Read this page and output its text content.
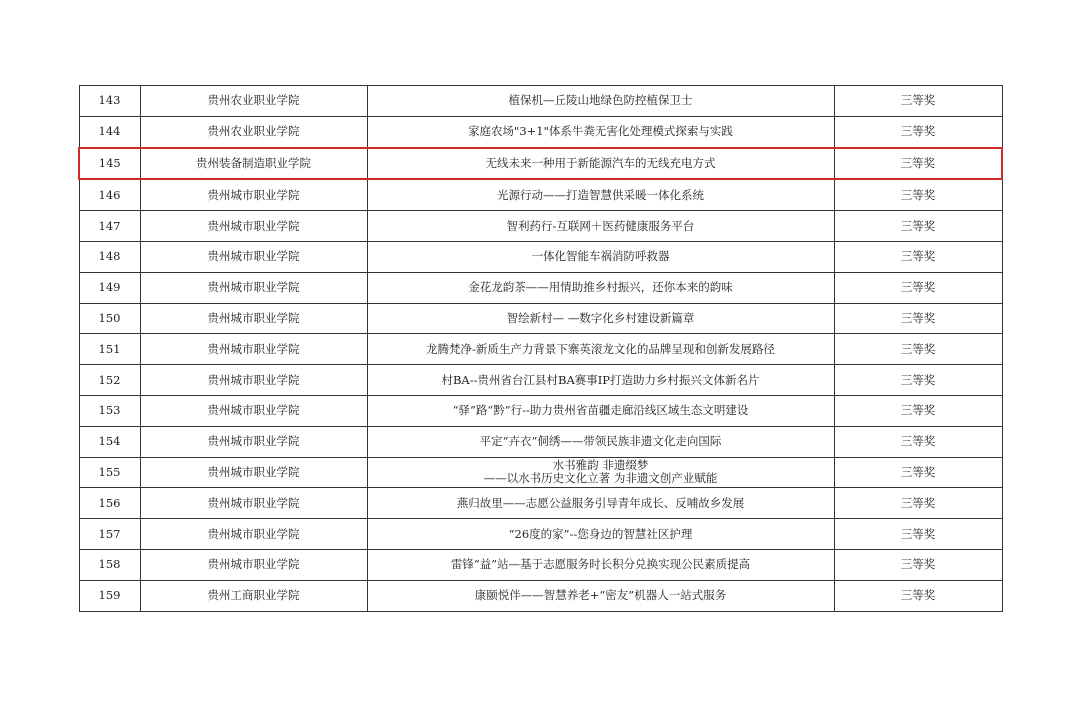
143	贵州农业职业学院	植保机—丘陵山地绿色防控植保卫士	三等奖
144	贵州农业职业学院	家庭农场"3+1"体系牛粪无害化处理模式探索与实践	三等奖
145	贵州装备制造职业学院	无线未来一种用于新能源汽车的无线充电方式	三等奖
146	贵州城市职业学院	光源行动——打造智慧供采暖一体化系统	三等奖
147	贵州城市职业学院	智利药行-互联网＋医药健康服务平台	三等奖
148	贵州城市职业学院	一体化智能车祸消防呼救器	三等奖
149	贵州城市职业学院	金花龙韵茶——用情助推乡村振兴，还你本来的韵味	三等奖
150	贵州城市职业学院	智绘新村— —数字化乡村建设新篇章	三等奖
151	贵州城市职业学院	龙腾梵净-新质生产力背景下寨英滚龙文化的品牌呈现和创新发展路径	三等奖
152	贵州城市职业学院	村BA--贵州省台江县村BA赛事IP打造助力乡村振兴文体新名片	三等奖
153	贵州城市职业学院	“驿”路“黔”行--助力贵州省苗疆走廊沿线区域生态文明建设	三等奖
154	贵州城市职业学院	平定“卉衣”侗绣——带领民族非遗文化走向国际	三等奖
155	贵州城市职业学院	水书雅韵 非遗缀梦
——以水书历史文化立著 为非遗文创产业赋能	三等奖
156	贵州城市职业学院	燕归故里——志愿公益服务引导青年成长、反哺故乡发展	三等奖
157	贵州城市职业学院	“26度的家”--您身边的智慧社区护理	三等奖
158	贵州城市职业学院	雷锋“益”站—基于志愿服务时长积分兑换实现公民素质提高	三等奖
159	贵州工商职业学院	康颐悦伴——智慧养老+“密友”机器人一站式服务	三等奖
